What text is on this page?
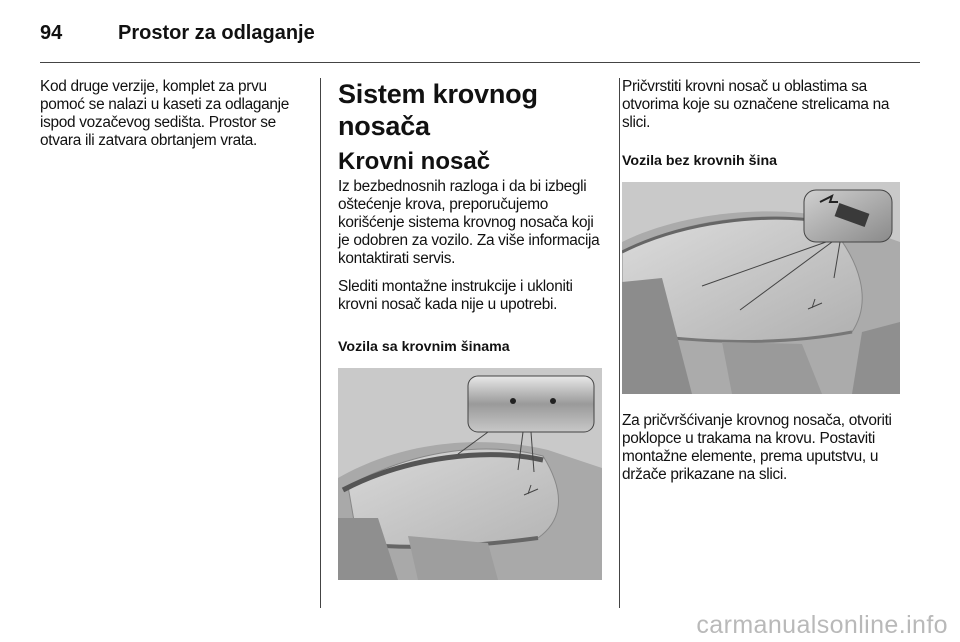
94	Prostor za odlaganje

Kod druge verzije, komplet za prvu pomoć se nalazi u kaseti za odlaganje ispod vozačevog sedišta. Prostor se otvara ili zatvara obrtanjem vrata.

Sistem krovnog nosača
Krovni nosač

Iz bezbednosnih razloga i da bi izbegli oštećenje krova, preporučujemo korišćenje sistema krovnog nosača koji je odobren za vozilo. Za više informacija kontaktirati servis.

Slediti montažne instrukcije i ukloniti krovni nosač kada nije u upotrebi.

Vozila sa krovnim šinama

Pričvrstiti krovni nosač u oblastima sa otvorima koje su označene strelicama na slici.

Vozila bez krovnih šina

Za pričvršćivanje krovnog nosača, otvoriti poklopce u trakama na krovu. Postaviti montažne elemente, prema uputstvu, u držače prikazane na slici.

carmanualsonline.info
